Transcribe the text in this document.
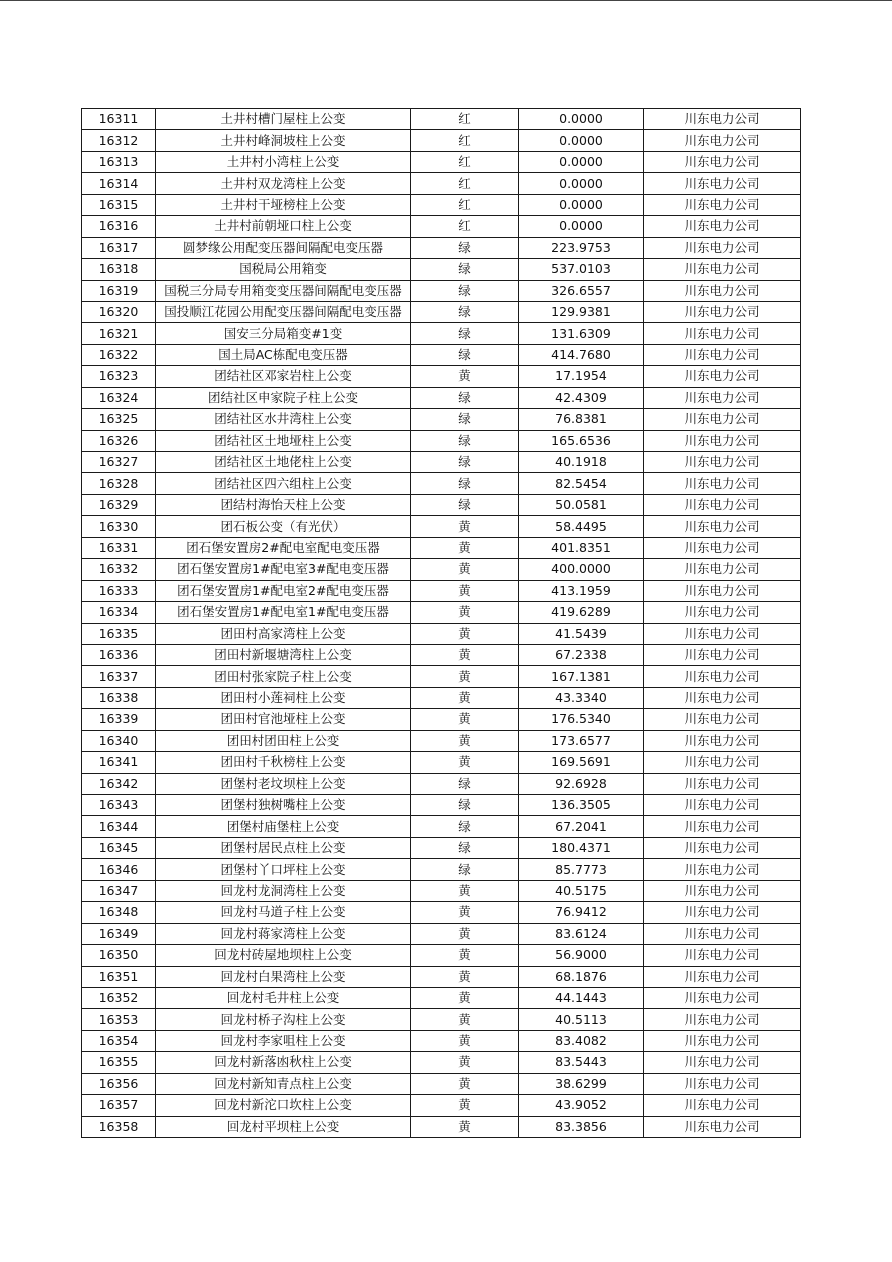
16311	土井村槽门屋柱上公变	红	0.0000	川东电力公司
16312	土井村峰洞坡柱上公变	红	0.0000	川东电力公司
16313	土井村小湾柱上公变	红	0.0000	川东电力公司
16314	土井村双龙湾柱上公变	红	0.0000	川东电力公司
16315	土井村干垭榜柱上公变	红	0.0000	川东电力公司
16316	土井村前朝垭口柱上公变	红	0.0000	川东电力公司
16317	圆梦缘公用配变压器间隔配电变压器	绿	223.9753	川东电力公司
16318	国税局公用箱变	绿	537.0103	川东电力公司
16319	国税三分局专用箱变变压器间隔配电变压器	绿	326.6557	川东电力公司
16320	国投顺江花园公用配变压器间隔配电变压器	绿	129.9381	川东电力公司
16321	国安三分局箱变#1变	绿	131.6309	川东电力公司
16322	国土局AC栋配电变压器	绿	414.7680	川东电力公司
16323	团结社区邓家岩柱上公变	黄	17.1954	川东电力公司
16324	团结社区申家院子柱上公变	绿	42.4309	川东电力公司
16325	团结社区水井湾柱上公变	绿	76.8381	川东电力公司
16326	团结社区土地垭柱上公变	绿	165.6536	川东电力公司
16327	团结社区土地佬柱上公变	绿	40.1918	川东电力公司
16328	团结社区四六组柱上公变	绿	82.5454	川东电力公司
16329	团结村海怡天柱上公变	绿	50.0581	川东电力公司
16330	团石板公变（有光伏）	黄	58.4495	川东电力公司
16331	团石堡安置房2#配电室配电变压器	黄	401.8351	川东电力公司
16332	团石堡安置房1#配电室3#配电变压器	黄	400.0000	川东电力公司
16333	团石堡安置房1#配电室2#配电变压器	黄	413.1959	川东电力公司
16334	团石堡安置房1#配电室1#配电变压器	黄	419.6289	川东电力公司
16335	团田村高家湾柱上公变	黄	41.5439	川东电力公司
16336	团田村新堰塘湾柱上公变	黄	67.2338	川东电力公司
16337	团田村张家院子柱上公变	黄	167.1381	川东电力公司
16338	团田村小莲祠柱上公变	黄	43.3340	川东电力公司
16339	团田村官池垭柱上公变	黄	176.5340	川东电力公司
16340	团田村团田柱上公变	黄	173.6577	川东电力公司
16341	团田村千秋榜柱上公变	黄	169.5691	川东电力公司
16342	团堡村老坟坝柱上公变	绿	92.6928	川东电力公司
16343	团堡村独树嘴柱上公变	绿	136.3505	川东电力公司
16344	团堡村庙堡柱上公变	绿	67.2041	川东电力公司
16345	团堡村居民点柱上公变	绿	180.4371	川东电力公司
16346	团堡村丫口坪柱上公变	绿	85.7773	川东电力公司
16347	回龙村龙洞湾柱上公变	黄	40.5175	川东电力公司
16348	回龙村马道子柱上公变	黄	76.9412	川东电力公司
16349	回龙村蒋家湾柱上公变	黄	83.6124	川东电力公司
16350	回龙村砖屋地坝柱上公变	黄	56.9000	川东电力公司
16351	回龙村白果湾柱上公变	黄	68.1876	川东电力公司
16352	回龙村毛井柱上公变	黄	44.1443	川东电力公司
16353	回龙村桥子沟柱上公变	黄	40.5113	川东电力公司
16354	回龙村李家咀柱上公变	黄	83.4082	川东电力公司
16355	回龙村新落凼秋柱上公变	黄	83.5443	川东电力公司
16356	回龙村新知青点柱上公变	黄	38.6299	川东电力公司
16357	回龙村新沱口坎柱上公变	黄	43.9052	川东电力公司
16358	回龙村平坝柱上公变	黄	83.3856	川东电力公司
